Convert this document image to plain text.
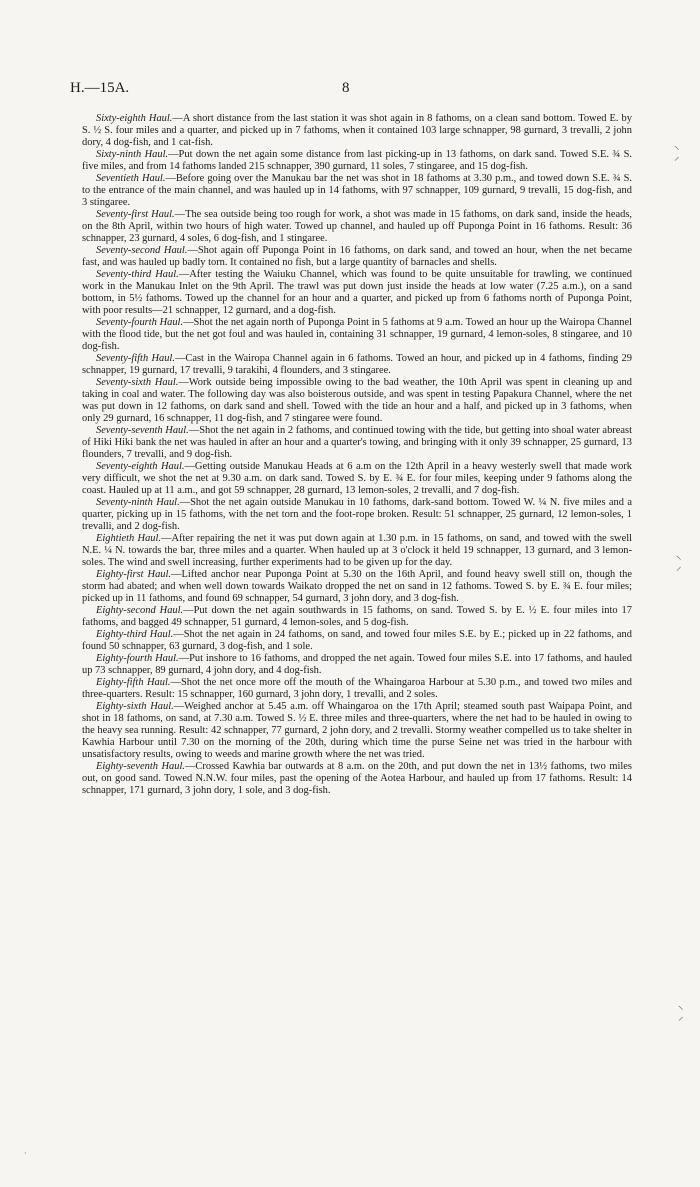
H.—15A.	8

Sixty-eighth Haul.—A short distance from the last station it was shot again in 8 fathoms, on a clean sand bottom. Towed E. by S. ½ S. four miles and a quarter, and picked up in 7 fathoms, when it contained 103 large schnapper, 98 gurnard, 3 trevalli, 2 john dory, 4 dog-fish, and 1 cat-fish.

Sixty-ninth Haul.—Put down the net again some distance from last picking-up in 13 fathoms, on dark sand. Towed S.E. ¾ S. five miles, and from 14 fathoms landed 215 schnapper, 390 gurnard, 11 soles, 7 stingaree, and 15 dog-fish.

Seventieth Haul.—Before going over the Manukau bar the net was shot in 18 fathoms at 3.30 p.m., and towed down S.E. ¾ S. to the entrance of the main channel, and was hauled up in 14 fathoms, with 97 schnapper, 109 gurnard, 9 trevalli, 15 dog-fish, and 3 stingaree.

Seventy-first Haul.—The sea outside being too rough for work, a shot was made in 15 fathoms, on dark sand, inside the heads, on the 8th April, within two hours of high water. Towed up channel, and hauled up off Puponga Point in 16 fathoms. Result: 36 schnapper, 23 gurnard, 4 soles, 6 dog-fish, and 1 stingaree.

Seventy-second Haul.—Shot again off Puponga Point in 16 fathoms, on dark sand, and towed an hour, when the net became fast, and was hauled up badly torn. It contained no fish, but a large quantity of barnacles and shells.

Seventy-third Haul.—After testing the Waiuku Channel, which was found to be quite unsuitable for trawling, we continued work in the Manukau Inlet on the 9th April. The trawl was put down just inside the heads at low water (7.25 a.m.), on a sand bottom, in 5½ fathoms. Towed up the channel for an hour and a quarter, and picked up from 6 fathoms north of Puponga Point, with poor results—21 schnapper, 12 gurnard, and a dog-fish.

Seventy-fourth Haul.—Shot the net again north of Puponga Point in 5 fathoms at 9 a.m. Towed an hour up the Wairopa Channel with the flood tide, but the net got foul and was hauled in, containing 31 schnapper, 19 gurnard, 4 lemon-soles, 8 stingaree, and 10 dog-fish.

Seventy-fifth Haul.—Cast in the Wairopa Channel again in 6 fathoms. Towed an hour, and picked up in 4 fathoms, finding 29 schnapper, 19 gurnard, 17 trevalli, 9 tarakihi, 4 flounders, and 3 stingaree.

Seventy-sixth Haul.—Work outside being impossible owing to the bad weather, the 10th April was spent in cleaning up and taking in coal and water. The following day was also boisterous outside, and was spent in testing Papakura Channel, where the net was put down in 12 fathoms, on dark sand and shell. Towed with the tide an hour and a half, and picked up in 3 fathoms, when only 29 gurnard, 16 schnapper, 11 dog-fish, and 7 stingaree were found.

Seventy-seventh Haul.—Shot the net again in 2 fathoms, and continued towing with the tide, but getting into shoal water abreast of Hiki Hiki bank the net was hauled in after an hour and a quarter's towing, and bringing with it only 39 schnapper, 25 gurnard, 13 flounders, 7 trevalli, and 9 dog-fish.

Seventy-eighth Haul.—Getting outside Manukau Heads at 6 a.m on the 12th April in a heavy westerly swell that made work very difficult, we shot the net at 9.30 a.m. on dark sand. Towed S. by E. ¾ E. for four miles, keeping under 9 fathoms along the coast. Hauled up at 11 a.m., and got 59 schnapper, 28 gurnard, 13 lemon-soles, 2 trevalli, and 7 dog-fish.

Seventy-ninth Haul.—Shot the net again outside Manukau in 10 fathoms, dark-sand bottom. Towed W. ¼ N. five miles and a quarter, picking up in 15 fathoms, with the net torn and the foot-rope broken. Result: 51 schnapper, 25 gurnard, 12 lemon-soles, 1 trevalli, and 2 dog-fish.

Eightieth Haul.—After repairing the net it was put down again at 1.30 p.m. in 15 fathoms, on sand, and towed with the swell N.E. ¼ N. towards the bar, three miles and a quarter. When hauled up at 3 o'clock it held 19 schnapper, 13 gurnard, and 3 lemon-soles. The wind and swell increasing, further experiments had to be given up for the day.

Eighty-first Haul.—Lifted anchor near Puponga Point at 5.30 on the 16th April, and found heavy swell still on, though the storm had abated; and when well down towards Waikato dropped the net on sand in 12 fathoms. Towed S. by E. ¾ E. four miles; picked up in 11 fathoms, and found 69 schnapper, 54 gurnard, 3 john dory, and 3 dog-fish.

Eighty-second Haul.—Put down the net again southwards in 15 fathoms, on sand. Towed S. by E. ½ E. four miles into 17 fathoms, and bagged 49 schnapper, 51 gurnard, 4 lemon-soles, and 5 dog-fish.

Eighty-third Haul.—Shot the net again in 24 fathoms, on sand, and towed four miles S.E. by E.; picked up in 22 fathoms, and found 50 schnapper, 63 gurnard, 3 dog-fish, and 1 sole.

Eighty-fourth Haul.—Put inshore to 16 fathoms, and dropped the net again. Towed four miles S.E. into 17 fathoms, and hauled up 73 schnapper, 89 gurnard, 4 john dory, and 4 dog-fish.

Eighty-fifth Haul.—Shot the net once more off the mouth of the Whaingaroa Harbour at 5.30 p.m., and towed two miles and three-quarters. Result: 15 schnapper, 160 gurnard, 3 john dory, 1 trevalli, and 2 soles.

Eighty-sixth Haul.—Weighed anchor at 5.45 a.m. off Whaingaroa on the 17th April; steamed south past Waipapa Point, and shot in 18 fathoms, on sand, at 7.30 a.m. Towed S. ½ E. three miles and three-quarters, where the net had to be hauled in owing to the heavy sea running. Result: 42 schnapper, 77 gurnard, 2 john dory, and 2 trevalli. Stormy weather compelled us to take shelter in Kawhia Harbour until 7.30 on the morning of the 20th, during which time the purse Seine net was tried in the harbour with unsatisfactory results, owing to weeds and marine growth where the net was tried.

Eighty-seventh Haul.—Crossed Kawhia bar outwards at 8 a.m. on the 20th, and put down the net in 13½ fathoms, two miles out, on good sand. Towed N.N.W. four miles, past the opening of the Aotea Harbour, and hauled up from 17 fathoms. Result: 14 schnapper, 171 gurnard, 3 john dory, 1 sole, and 3 dog-fish.

⸜
⸝
⸜
⸝
⸜
⸝
·
